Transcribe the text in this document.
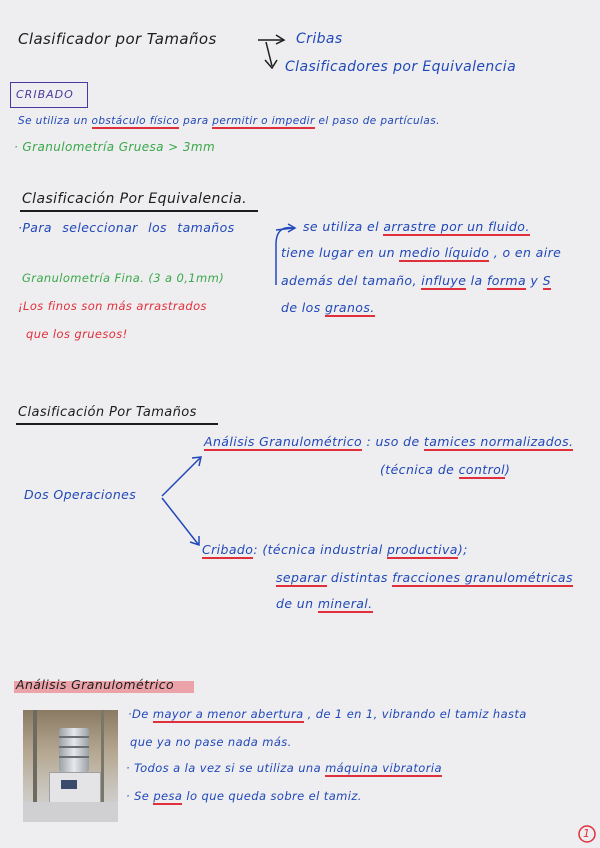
Clasificador por Tamaños	Cribas
Clasificadores por Equivalencia
CRIBADO
Se utiliza un obstáculo físico para permitir o impedir el paso de partículas.
· Granulometría Gruesa > 3mm
Clasificación Por Equivalencia.
·Para seleccionar los tamaños	se utiliza el arrastre por un fluido.
tiene lugar en un medio líquido , o en aire
además del tamaño, influye la forma y S
de los granos.
Granulometría Fina. (3 a 0,1mm)
¡Los finos son más arrastrados
que los gruesos!
Clasificación Por Tamaños
Análisis Granulométrico : uso de tamices normalizados.
(técnica de control)
Dos Operaciones
Cribado: (técnica industrial productiva);
separar distintas fracciones granulométricas
de un mineral.
Análisis Granulométrico
·De mayor a menor abertura , de 1 en 1, vibrando el tamiz hasta
que ya no pase nada más.
· Todos a la vez si se utiliza una máquina vibratoria
· Se pesa lo que queda sobre el tamiz.
1
